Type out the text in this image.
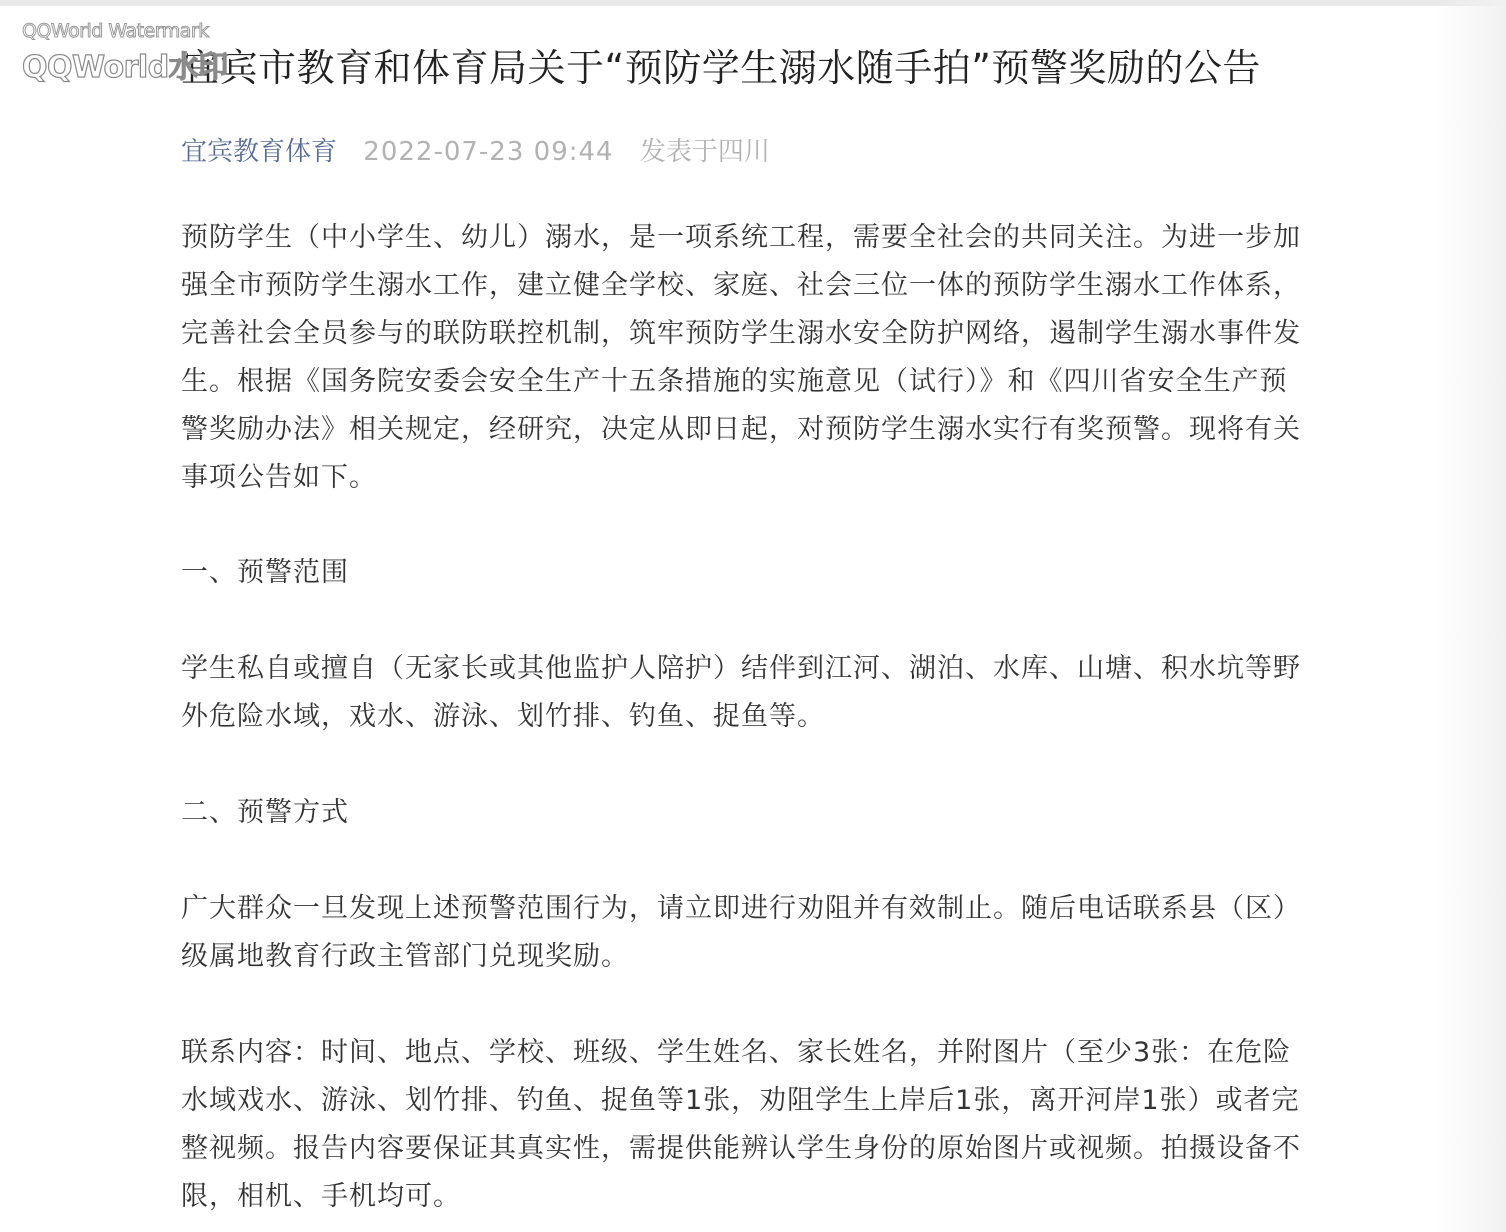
QQWorld Watermark
QQWorld水印
宜宾市教育和体育局关于“预防学生溺水随手拍”预警奖励的公告
宜宾教育体育 2022-07-23 09:44 发表于四川

预防学生（中小学生、幼儿）溺水，是一项系统工程，需要全社会的共同关注。为进一步加
强全市预防学生溺水工作，建立健全学校、家庭、社会三位一体的预防学生溺水工作体系，
完善社会全员参与的联防联控机制，筑牢预防学生溺水安全防护网络，遏制学生溺水事件发
生。根据《国务院安委会安全生产十五条措施的实施意见（试行）》和《四川省安全生产预
警奖励办法》相关规定，经研究，决定从即日起，对预防学生溺水实行有奖预警。现将有关
事项公告如下。

一、预警范围

学生私自或擅自（无家长或其他监护人陪护）结伴到江河、湖泊、水库、山塘、积水坑等野
外危险水域，戏水、游泳、划竹排、钓鱼、捉鱼等。

二、预警方式

广大群众一旦发现上述预警范围行为，请立即进行劝阻并有效制止。随后电话联系县（区）
级属地教育行政主管部门兑现奖励。

联系内容：时间、地点、学校、班级、学生姓名、家长姓名，并附图片（至少3张：在危险
水域戏水、游泳、划竹排、钓鱼、捉鱼等1张，劝阻学生上岸后1张，离开河岸1张）或者完
整视频。报告内容要保证其真实性，需提供能辨认学生身份的原始图片或视频。拍摄设备不
限，相机、手机均可。
